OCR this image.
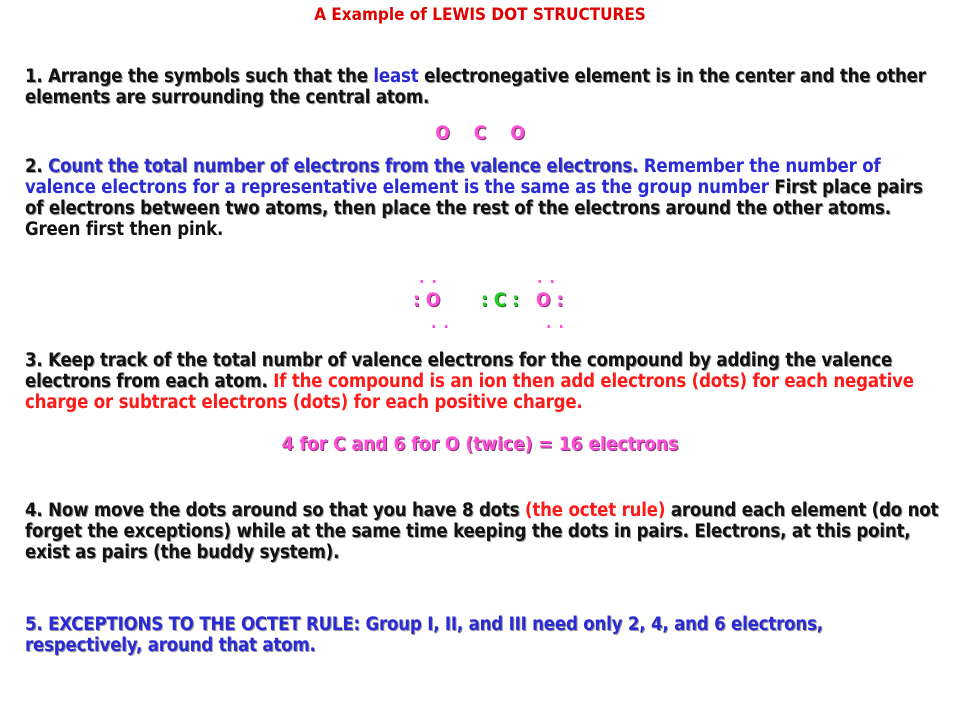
A Example of LEWIS DOT STRUCTURES
1. Arrange the symbols such that the least electronegative element is in the center and the other elements are surrounding the central atom.
O C O
2. Count the total number of electrons from the valence electrons. Remember the number of valence electrons for a representative element is the same as the group number First place pairs of electrons between two atoms, then place the rest of the electrons around the other atoms. Green first then pink.
· ·	· ·
: O : C : O :
· ·	· ·
3. Keep track of the total numbr of valence electrons for the compound by adding the valence electrons from each atom. If the compound is an ion then add electrons (dots) for each negative charge or subtract electrons (dots) for each positive charge.
4 for C and 6 for O (twice) = 16 electrons
4. Now move the dots around so that you have 8 dots (the octet rule) around each element (do not forget the exceptions) while at the same time keeping the dots in pairs. Electrons, at this point, exist as pairs (the buddy system).
5. EXCEPTIONS TO THE OCTET RULE: Group I, II, and III need only 2, 4, and 6 electrons, respectively, around that atom.
